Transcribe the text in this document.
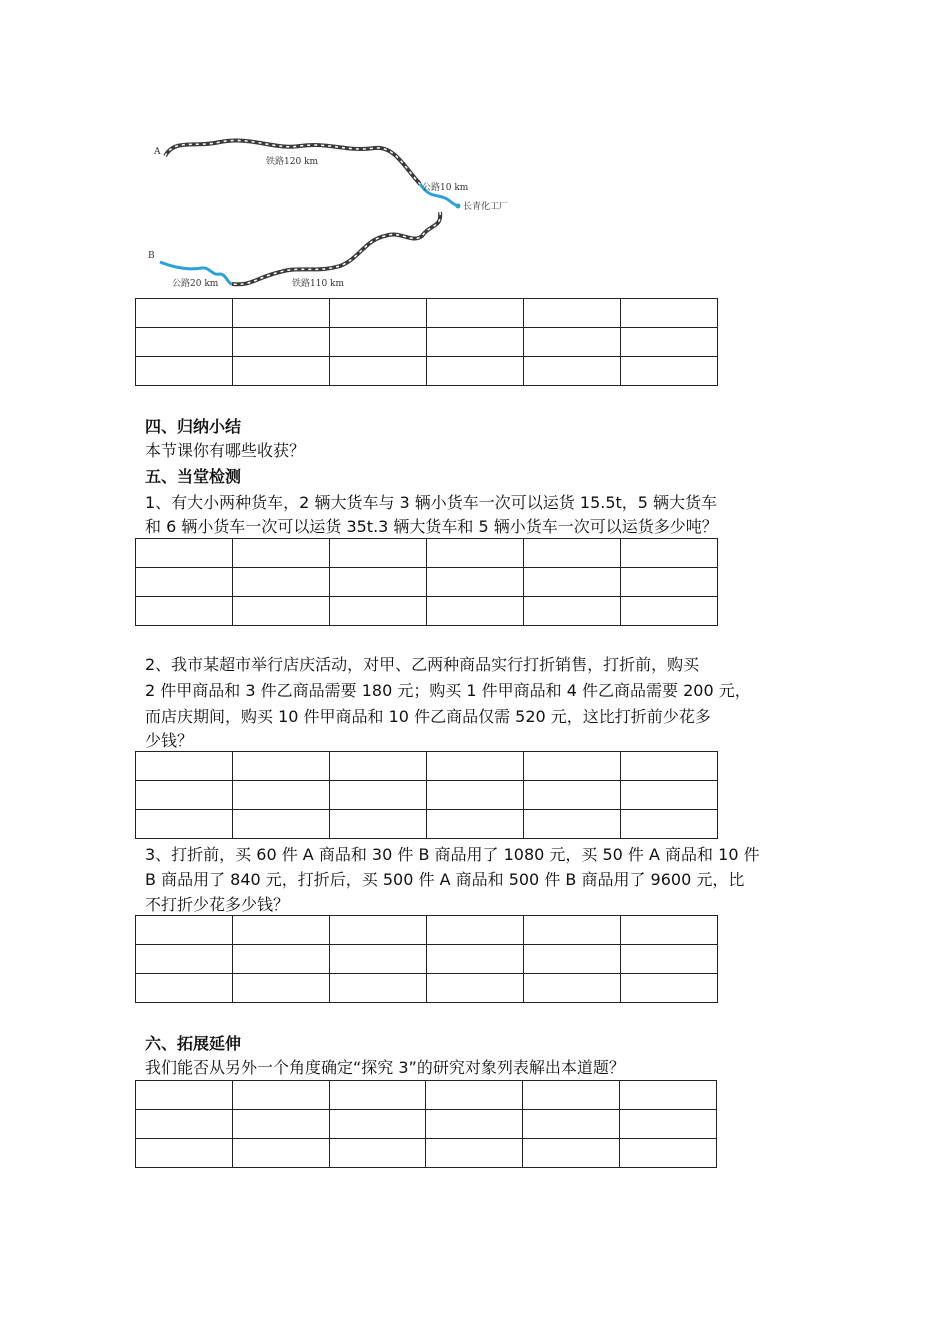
A
铁路120 km
公路10 km
长青化工厂
B
公路20 km	铁路110 km

四、归纳小结
本节课你有哪些收获？
五、当堂检测
1、有大小两种货车，2 辆大货车与 3 辆小货车一次可以运货 15.5t，5 辆大货车
和 6 辆小货车一次可以运货 35t.3 辆大货车和 5 辆小货车一次可以运货多少吨？

2、我市某超市举行店庆活动，对甲、乙两种商品实行打折销售，打折前，购买
2 件甲商品和 3 件乙商品需要 180 元；购买 1 件甲商品和 4 件乙商品需要 200 元，
而店庆期间，购买 10 件甲商品和 10 件乙商品仅需 520 元，这比打折前少花多
少钱？

3、打折前，买 60 件 A 商品和 30 件 B 商品用了 1080 元，买 50 件 A 商品和 10 件
B 商品用了 840 元，打折后，买 500 件 A 商品和 500 件 B 商品用了 9600 元，比
不打折少花多少钱？

六、拓展延伸
我们能否从另外一个角度确定“探究 3”的研究对象列表解出本道题？
